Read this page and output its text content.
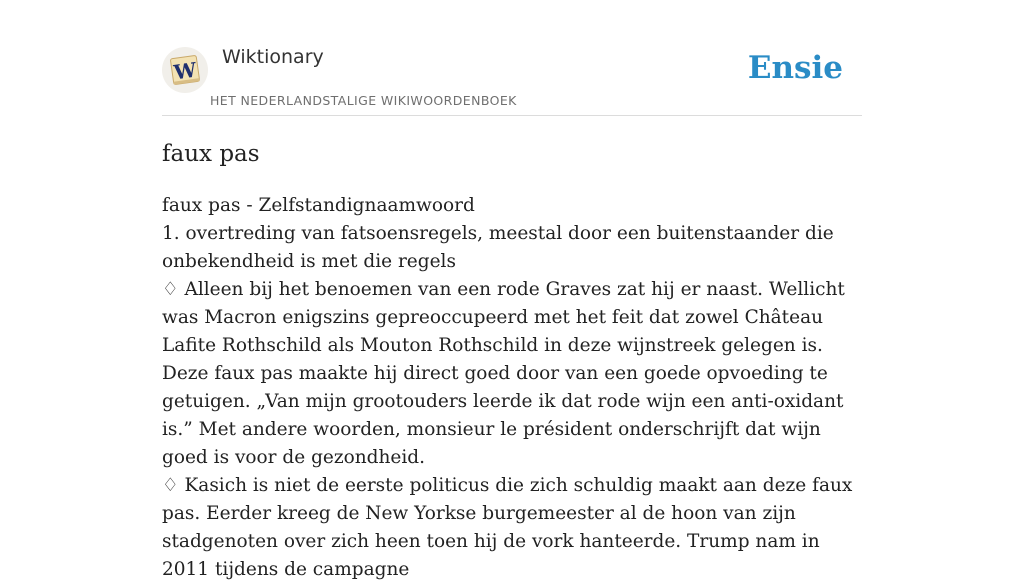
W
Wiktionary
HET NEDERLANDSTALIGE WIKIWOORDENBOEK
Ensie
faux pas
faux pas - Zelfstandignaamwoord
1. overtreding van fatsoensregels, meestal door een buitenstaander die onbekendheid is met die regels
♢ Alleen bij het benoemen van een rode Graves zat hij er naast. Wellicht was Macron enigszins gepreoccupeerd met het feit dat zowel Château Lafite Rothschild als Mouton Rothschild in deze wijnstreek gelegen is. Deze faux pas maakte hij direct goed door van een goede opvoeding te getuigen. „Van mijn grootouders leerde ik dat rode wijn een anti-oxidant is.” Met andere woorden, monsieur le président onderschrijft dat wijn goed is voor de gezondheid.
♢ Kasich is niet de eerste politicus die zich schuldig maakt aan deze faux pas. Eerder kreeg de New Yorkse burgemeester al de hoon van zijn stadgenoten over zich heen toen hij de vork hanteerde. Trump nam in 2011 tijdens de campagne
